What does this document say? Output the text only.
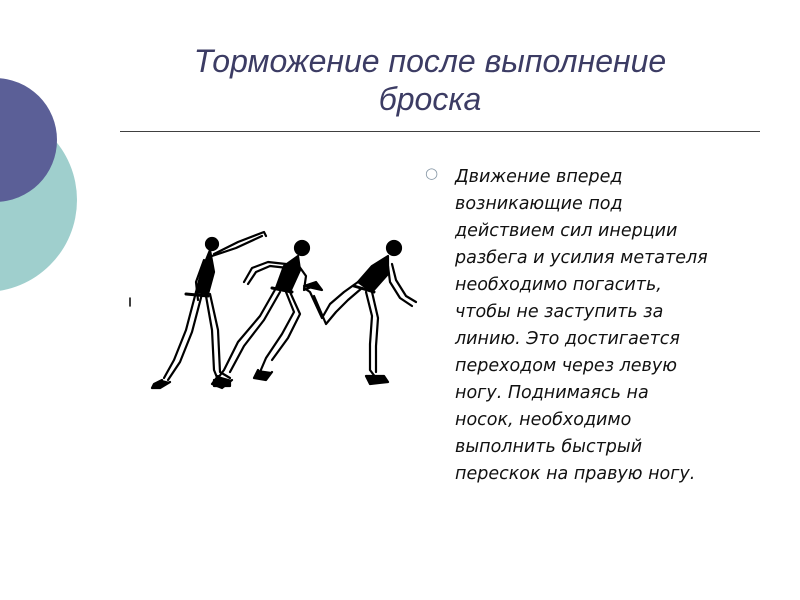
Торможение после выполнение
броска
○ Движение вперед
возникающие под
действием сил инерции
разбега и усилия метателя
необходимо погасить,
чтобы не заступить за
линию. Это достигается
переходом через левую
ногу. Поднимаясь на
носок, необходимо
выполнить быстрый
перескок на правую ногу.
